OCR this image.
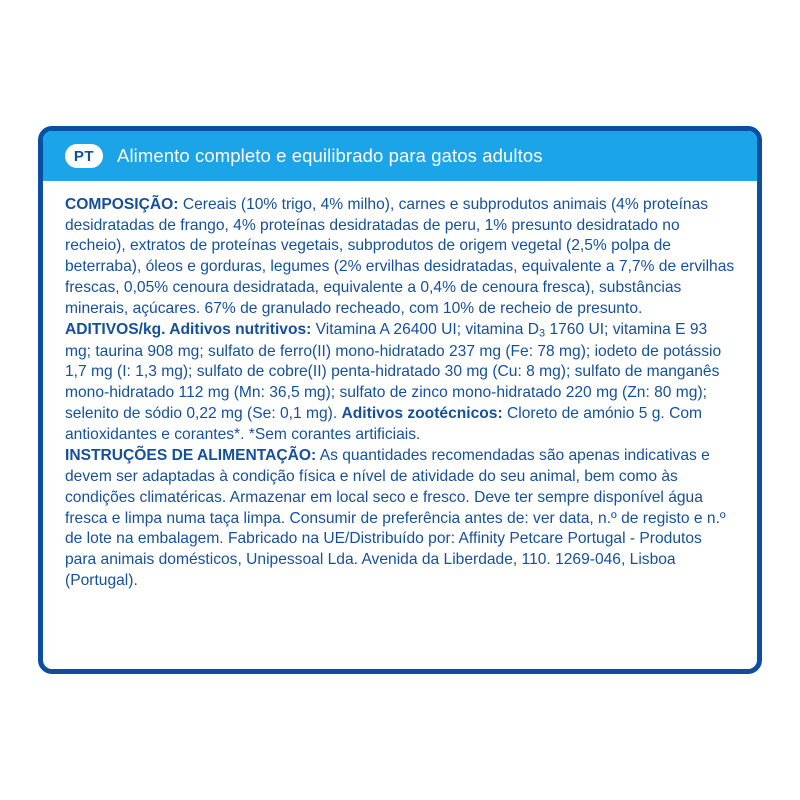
PT	Alimento completo e equilibrado para gatos adultos

COMPOSIÇÃO: Cereais (10% trigo, 4% milho), carnes e subprodutos animais (4% proteínas desidratadas de frango, 4% proteínas desidratadas de peru, 1% presunto desidratado no recheio), extratos de proteínas vegetais, subprodutos de origem vegetal (2,5% polpa de beterraba), óleos e gorduras, legumes (2% ervilhas desidratadas, equivalente a 7,7% de ervilhas frescas, 0,05% cenoura desidratada, equivalente a 0,4% de cenoura fresca), substâncias minerais, açúcares. 67% de granulado recheado, com 10% de recheio de presunto.

ADITIVOS/kg. Aditivos nutritivos: Vitamina A 26400 UI; vitamina $D_3$ 1760 UI; vitamina E 93 mg; taurina 908 mg; sulfato de ferro(II) mono-hidratado 237 mg (Fe: 78 mg); iodeto de potássio 1,7 mg (I: 1,3 mg); sulfato de cobre(II) penta-hidratado 30 mg (Cu: 8 mg); sulfato de manganês mono-hidratado 112 mg (Mn: 36,5 mg); sulfato de zinco mono-hidratado 220 mg (Zn: 80 mg); selenito de sódio 0,22 mg (Se: 0,1 mg). Aditivos zootécnicos: Cloreto de amónio 5 g. Com antioxidantes e corantes*. *Sem corantes artificiais.

INSTRUÇÕES DE ALIMENTAÇÃO: As quantidades recomendadas são apenas indicativas e devem ser adaptadas à condição física e nível de atividade do seu animal, bem como às condições climatéricas. Armazenar em local seco e fresco. Deve ter sempre disponível água fresca e limpa numa taça limpa. Consumir de preferência antes de: ver data, n.º de registo e n.º de lote na embalagem. Fabricado na UE/Distribuído por: Affinity Petcare Portugal - Produtos para animais domésticos, Unipessoal Lda. Avenida da Liberdade, 110. 1269-046, Lisboa (Portugal).
